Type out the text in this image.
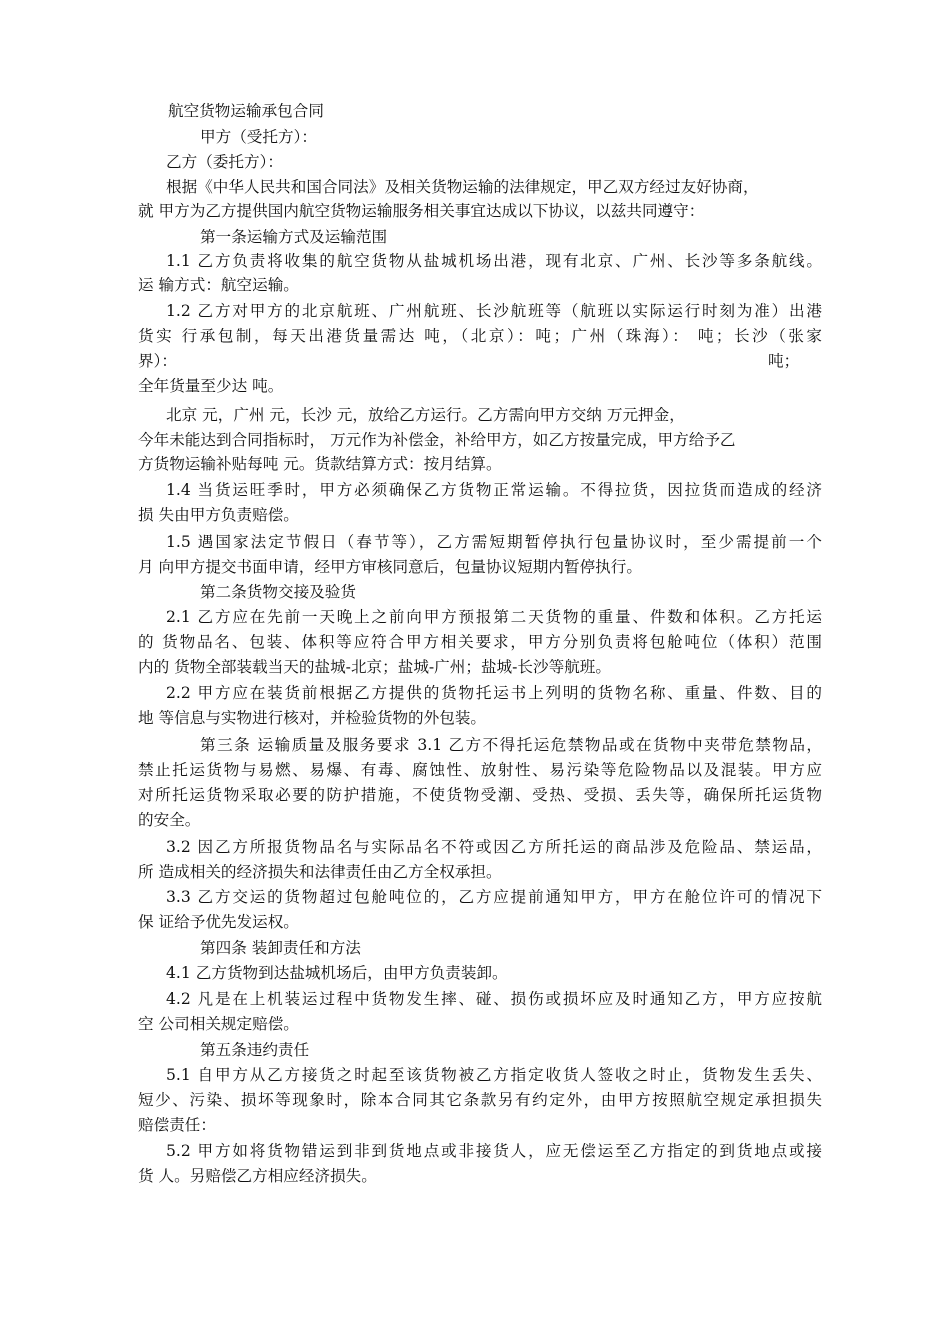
航空货物运输承包合同
甲方（受托方）：
乙方（委托方）：
根据《中华人民共和国合同法》及相关货物运输的法律规定，甲乙双方经过友好协商，
就 甲方为乙方提供国内航空货物运输服务相关事宜达成以下协议，以兹共同遵守：
第一条运输方式及运输范围
1.1 乙方负责将收集的航空货物从盐城机场出港，现有北京、广州、长沙等多条航线。
运 输方式：航空运输。
1.2 乙方对甲方的北京航班、广州航班、长沙航班等（航班以实际运行时刻为准）出港
货实 行承包制，每天出港货量需达 吨，（北京）：吨；广州（珠海）： 吨；长沙（张家
界）：	吨；
全年货量至少达 吨。
北京 元，广州 元，长沙 元，放给乙方运行。乙方需向甲方交纳 万元押金，
今年未能达到合同指标时， 万元作为补偿金，补给甲方，如乙方按量完成，甲方给予乙
方货物运输补贴每吨 元。货款结算方式：按月结算。
1.4 当货运旺季时，甲方必须确保乙方货物正常运输。不得拉货，因拉货而造成的经济
损 失由甲方负责赔偿。
1.5 遇国家法定节假日（春节等），乙方需短期暂停执行包量协议时，至少需提前一个
月 向甲方提交书面申请，经甲方审核同意后，包量协议短期内暂停执行。
第二条货物交接及验货
2.1 乙方应在先前一天晚上之前向甲方预报第二天货物的重量、件数和体积。乙方托运
的 货物品名、包装、体积等应符合甲方相关要求，甲方分别负责将包舱吨位（体积）范围
内的 货物全部装载当天的盐城-北京；盐城-广州；盐城-长沙等航班。
2.2 甲方应在装货前根据乙方提供的货物托运书上列明的货物名称、重量、件数、目的
地 等信息与实物进行核对，并检验货物的外包装。
第三条 运输质量及服务要求 3.1 乙方不得托运危禁物品或在货物中夹带危禁物品，
禁止托运货物与易燃、易爆、有毒、腐蚀性、放射性、易污染等危险物品以及混装。甲方应
对所托运货物采取必要的防护措施，不使货物受潮、受热、受损、丢失等，确保所托运货物
的安全。
3.2 因乙方所报货物品名与实际品名不符或因乙方所托运的商品涉及危险品、禁运品，
所 造成相关的经济损失和法律责任由乙方全权承担。
3.3 乙方交运的货物超过包舱吨位的，乙方应提前通知甲方，甲方在舱位许可的情况下
保 证给予优先发运权。
第四条 装卸责任和方法
4.1 乙方货物到达盐城机场后，由甲方负责装卸。
4.2 凡是在上机装运过程中货物发生摔、碰、损伤或损坏应及时通知乙方，甲方应按航
空 公司相关规定赔偿。
第五条违约责任
5.1 自甲方从乙方接货之时起至该货物被乙方指定收货人签收之时止，货物发生丢失、
短少、污染、损坏等现象时，除本合同其它条款另有约定外，由甲方按照航空规定承担损失
赔偿责任：
5.2 甲方如将货物错运到非到货地点或非接货人，应无偿运至乙方指定的到货地点或接
货 人。另赔偿乙方相应经济损失。
